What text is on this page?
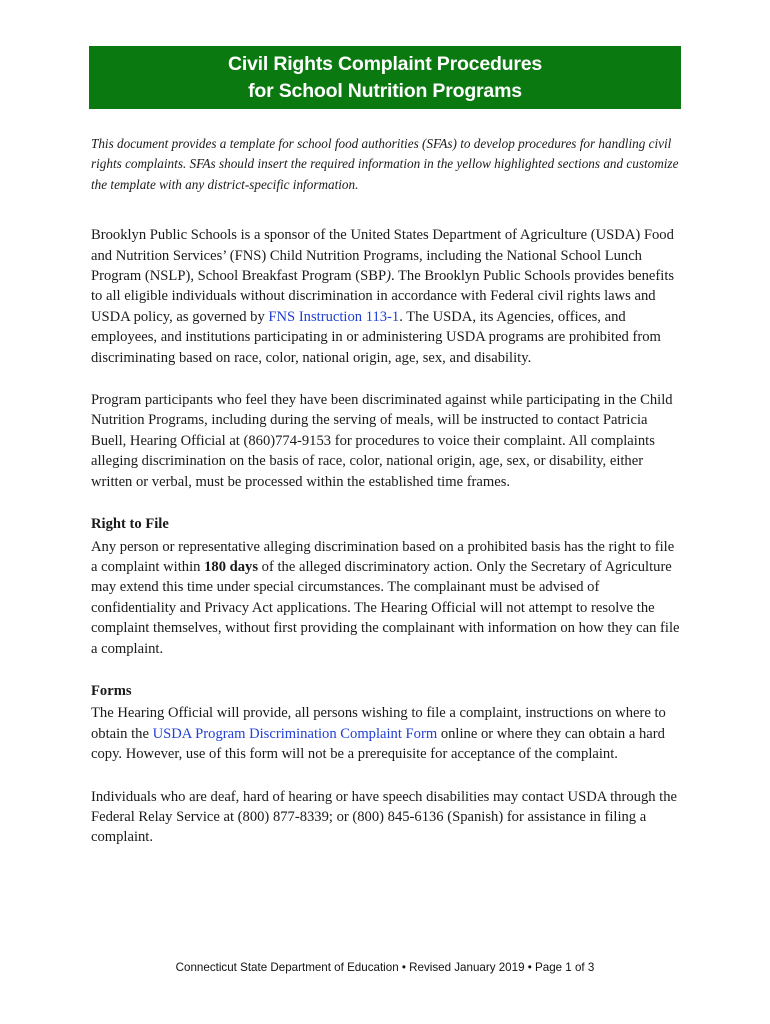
Civil Rights Complaint Procedures
for School Nutrition Programs

This document provides a template for school food authorities (SFAs) to develop procedures for handling civil rights complaints. SFAs should insert the required information in the yellow highlighted sections and customize the template with any district-specific information.

Brooklyn Public Schools is a sponsor of the United States Department of Agriculture (USDA) Food and Nutrition Services’ (FNS) Child Nutrition Programs, including the National School Lunch Program (NSLP), School Breakfast Program (SBP). The Brooklyn Public Schools provides benefits to all eligible individuals without discrimination in accordance with Federal civil rights laws and USDA policy, as governed by FNS Instruction 113-1. The USDA, its Agencies, offices, and employees, and institutions participating in or administering USDA programs are prohibited from discriminating based on race, color, national origin, age, sex, and disability.

Program participants who feel they have been discriminated against while participating in the Child Nutrition Programs, including during the serving of meals, will be instructed to contact Patricia Buell, Hearing Official at (860)774-9153 for procedures to voice their complaint. All complaints alleging discrimination on the basis of race, color, national origin, age, sex, or disability, either written or verbal, must be processed within the established time frames.

Right to File

Any person or representative alleging discrimination based on a prohibited basis has the right to file a complaint within 180 days of the alleged discriminatory action. Only the Secretary of Agriculture may extend this time under special circumstances. The complainant must be advised of confidentiality and Privacy Act applications. The Hearing Official will not attempt to resolve the complaint themselves, without first providing the complainant with information on how they can file a complaint.

Forms

The Hearing Official will provide, all persons wishing to file a complaint, instructions on where to obtain the USDA Program Discrimination Complaint Form online or where they can obtain a hard copy. However, use of this form will not be a prerequisite for acceptance of the complaint.

Individuals who are deaf, hard of hearing or have speech disabilities may contact USDA through the Federal Relay Service at (800) 877-8339; or (800) 845-6136 (Spanish) for assistance in filing a complaint.

Connecticut State Department of Education • Revised January 2019 • Page 1 of 3
